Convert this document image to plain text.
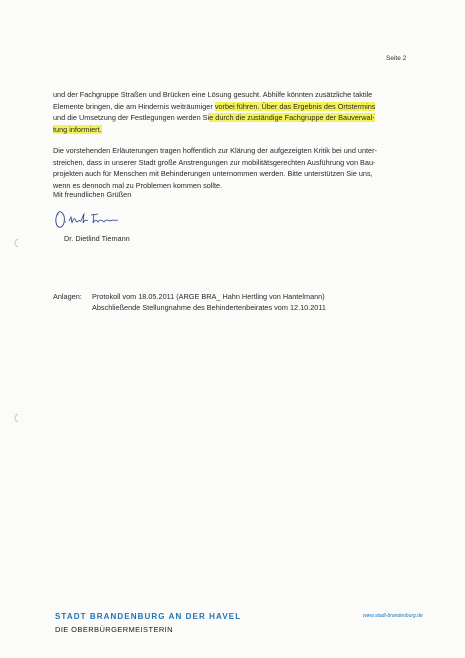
Seite 2

und der Fachgruppe Straßen und Brücken eine Lösung gesucht. Abhilfe könnten zusätzliche taktile
Elemente bringen, die am Hindernis weiträumiger vorbei führen. Über das Ergebnis des Ortstermins
und die Umsetzung der Festlegungen werden Sie durch die zuständige Fachgruppe der Bauverwal-
tung informiert.

Die vorstehenden Erläuterungen tragen hoffentlich zur Klärung der aufgezeigten Kritik bei und unter-
streichen, dass in unserer Stadt große Anstrengungen zur mobilitätsgerechten Ausführung von Bau-
projekten auch für Menschen mit Behinderungen unternommen werden. Bitte unterstützen Sie uns,
wenn es dennoch mal zu Problemen kommen sollte.

Mit freundlichen Grüßen
Dr. Dietlind Tiemann
Anlagen: Protokoll vom 18.05.2011 (ARGE BRA_ Hahn Hertling von Hantelmann)
Abschließende Stellungnahme des Behindertenbeirates vom 12.10.2011
STADT BRANDENBURG AN DER HAVEL
DIE OBERBÜRGERMEISTERIN
www.stadt-brandenburg.de
